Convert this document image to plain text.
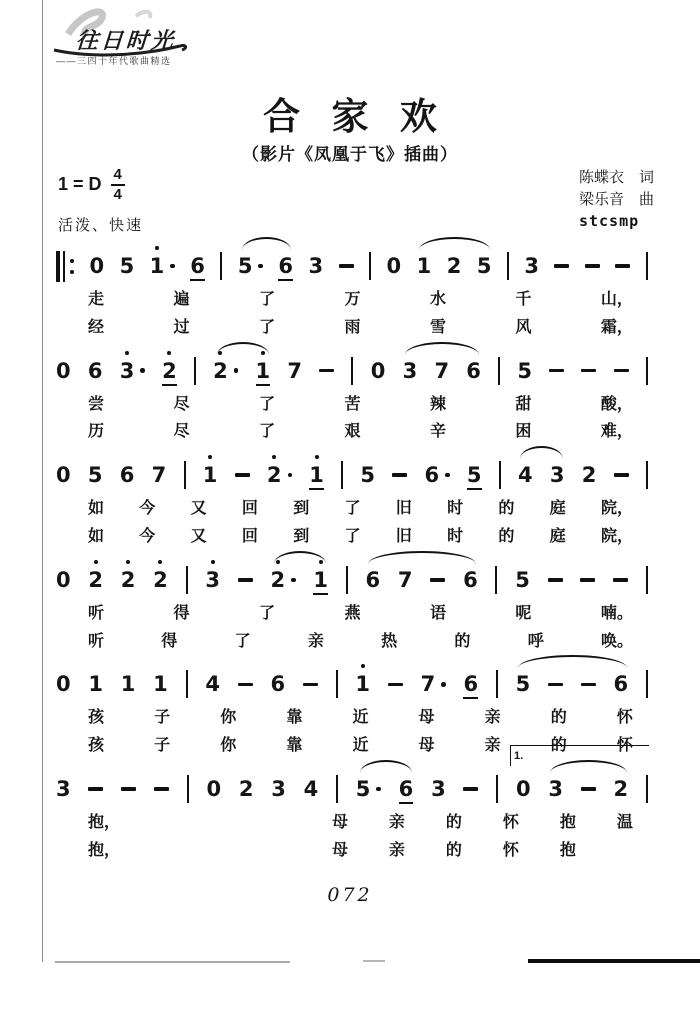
往日时光
——三四十年代歌曲精选
合家欢
（影片《凤凰于飞》插曲）
1 = D 4
4
活泼、快速
陈蝶衣 词
梁乐音 曲
stcsmp
0 5 1 6 5 6 3	0 1 2 5 3
走	遍	了	万	水	千	山，
经	过	了	雨	雪	风	霜，
0 6 3 2 2 1 7	0 3 7 6 5
尝	尽	了	苦	辣	甜	酸，
历	尽	了	艰	辛	困	难，
0 5 6 7 1 2 1 5 6 5 4 3 2
如 今 又 回 到 了 旧 时 的 庭 院，
如 今 又 回 到 了 旧 时 的 庭 院，
0 2 2 2 3 2 1 6 7 6 5
听	得	了	燕	语	呢	喃。
听	得	了	亲	热	的	呼	唤。
0 1 1 1 4 6	1 7 6 5	6
孩	子	你	靠	近	母	亲	的	怀
孩	子	你	靠	近	母	亲	的	怀
3	0 2 3 4 5 6 3	0 3 2
1.
抱，

　	母	亲	的	怀	抱	温
抱，

　	母	亲	的	怀	抱

072
